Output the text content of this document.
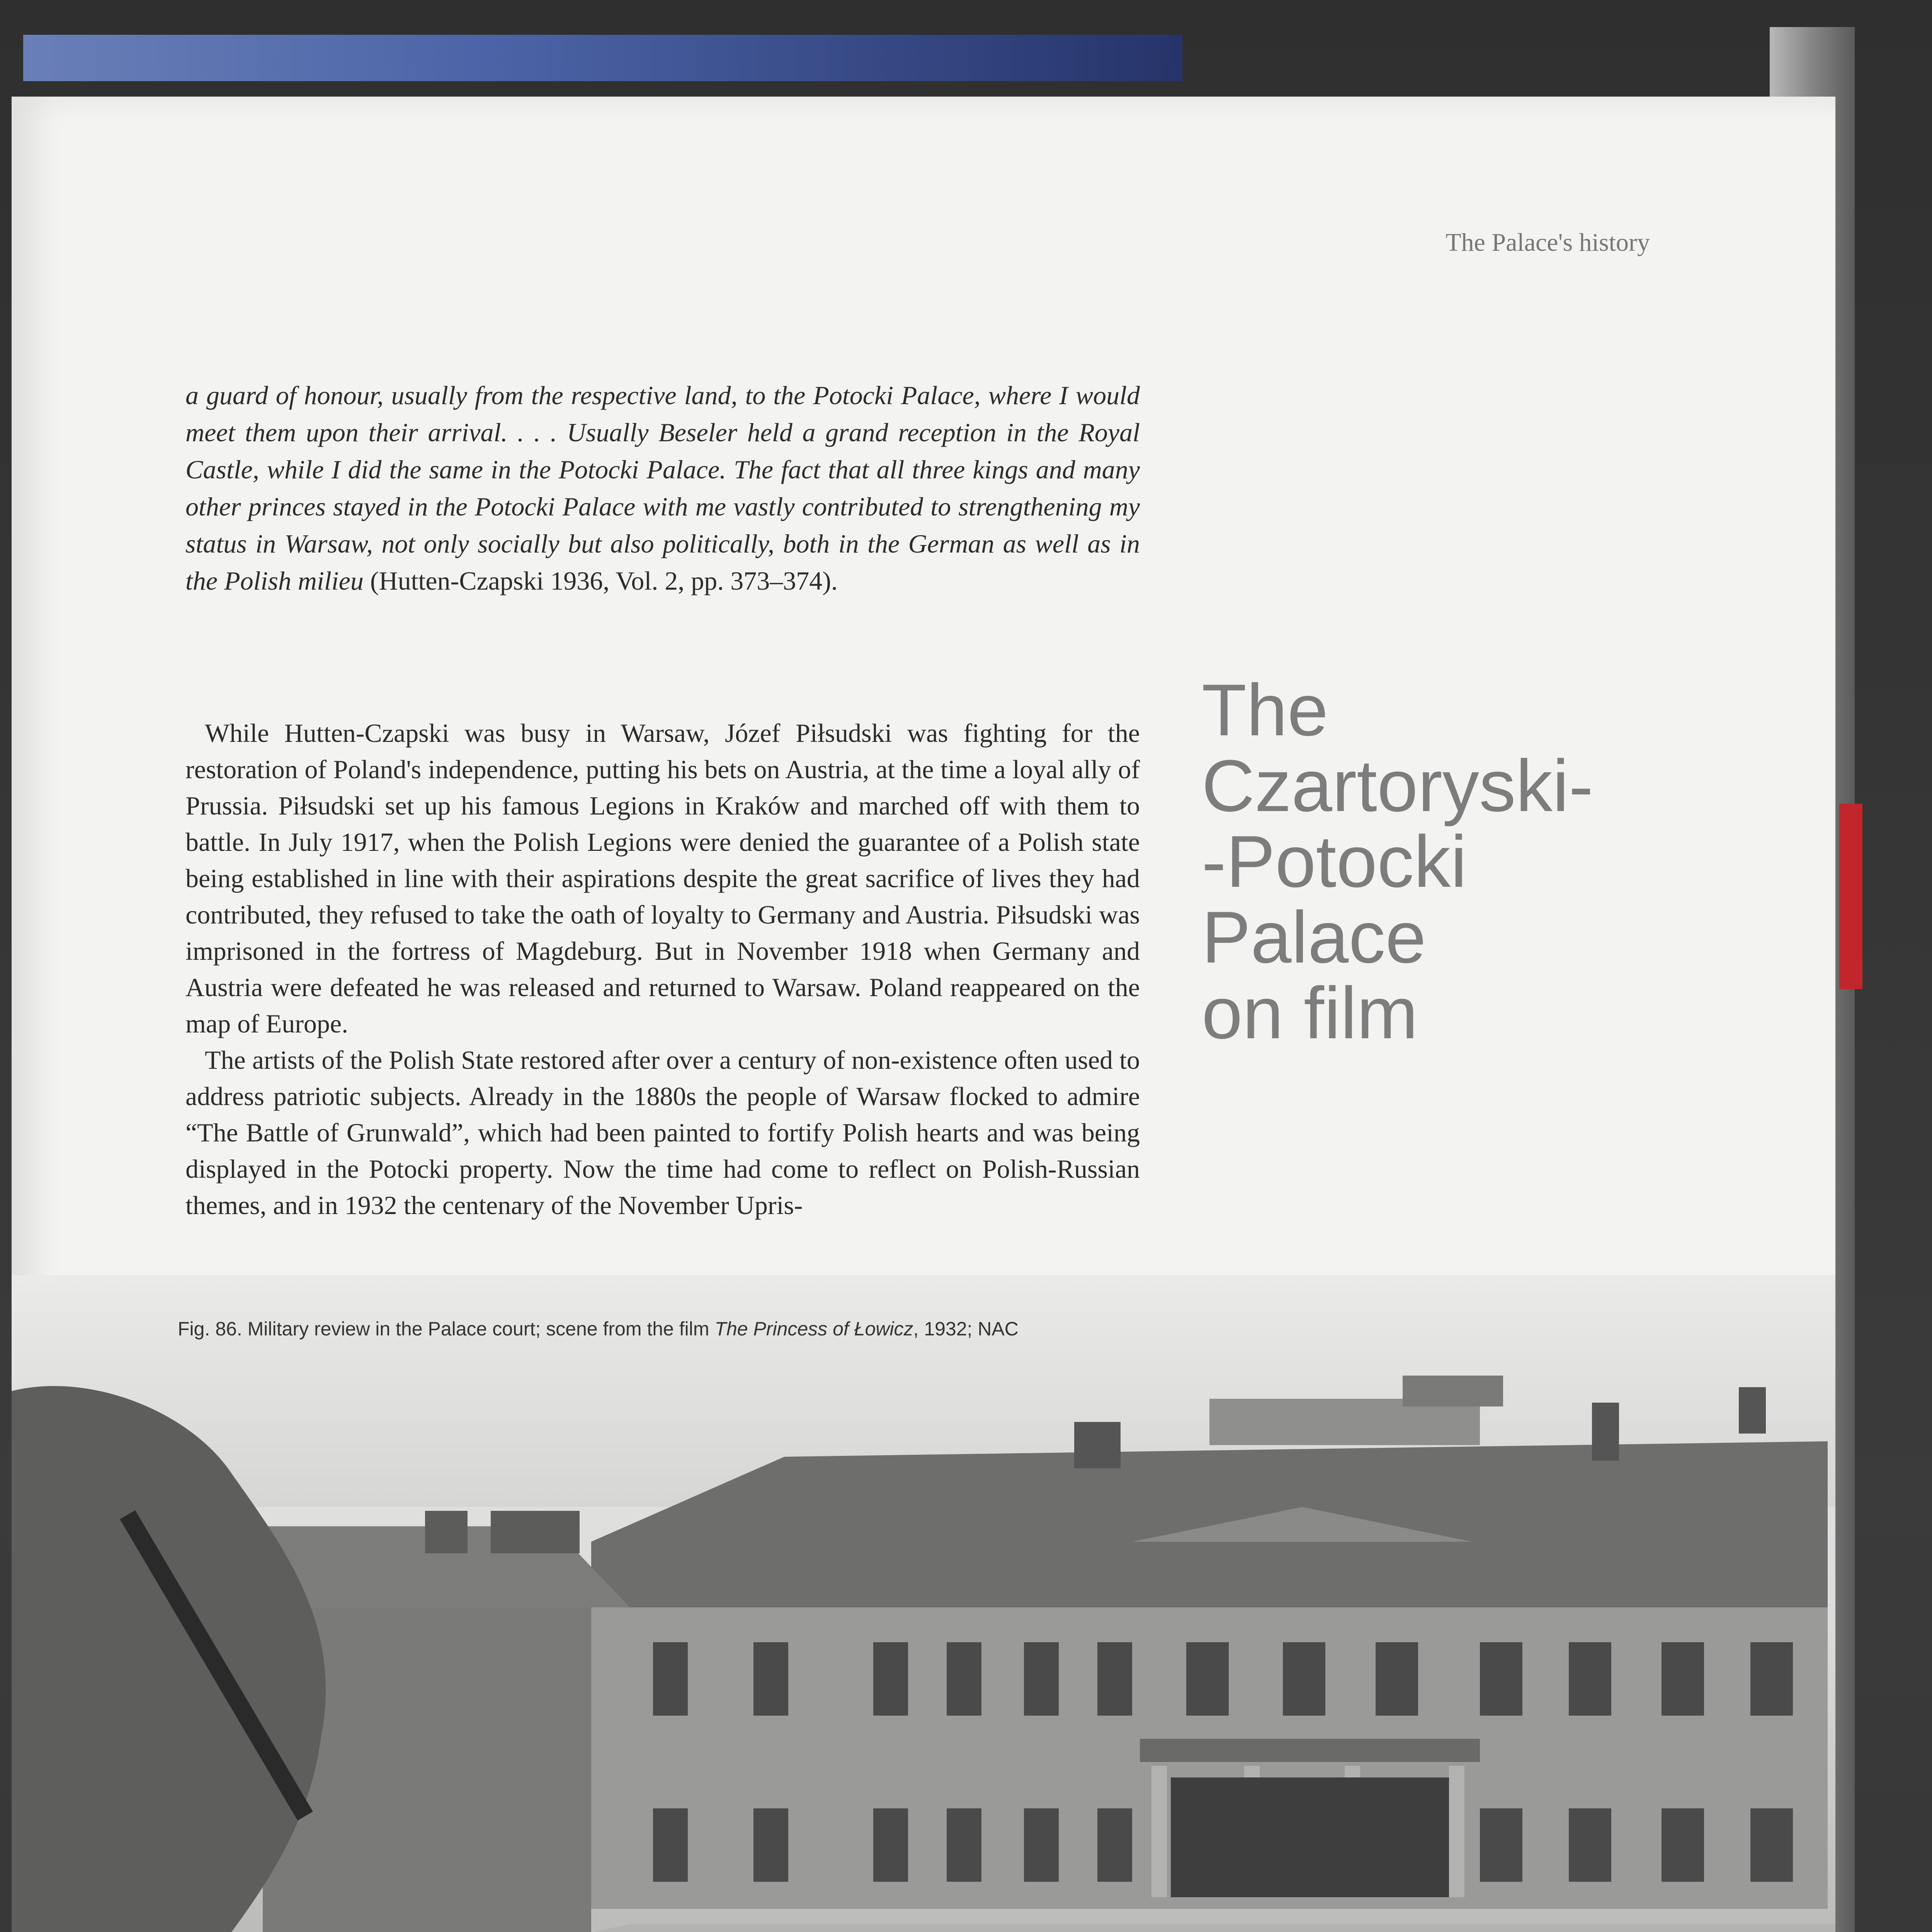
The Palace's history
a guard of honour, usually from the respective land, to the Potocki Palace, where I would meet them upon their arrival. . . . Usually Beseler held a grand reception in the Royal Castle, while I did the same in the Potocki Palace. The fact that all three kings and many other princes stayed in the Potocki Palace with me vastly contributed to strengthening my status in Warsaw, not only socially but also politically, both in the German as well as in the Polish milieu (Hutten-Czapski 1936, Vol. 2, pp. 373–374).

While Hutten-Czapski was busy in Warsaw, Józef Piłsudski was fighting for the restoration of Poland's independence, putting his bets on Austria, at the time a loyal ally of Prussia. Piłsudski set up his famous Legions in Kraków and marched off with them to battle. In July 1917, when the Polish Legions were denied the guarantee of a Polish state being established in line with their aspirations despite the great sacrifice of lives they had contributed, they refused to take the oath of loyalty to Germany and Austria. Piłsudski was imprisoned in the fortress of Magdeburg. But in November 1918 when Germany and Austria were defeated he was released and returned to Warsaw. Poland reappeared on the map of Europe.

The artists of the Polish State restored after over a century of non-existence often used to address patriotic subjects. Already in the 1880s the people of Warsaw flocked to admire “The Battle of Grunwald”, which had been painted to fortify Polish hearts and was being displayed in the Potocki property. Now the time had come to reflect on Polish-Russian themes, and in 1932 the centenary of the November Upris-

The
Czartoryski-
-Potocki
Palace
on film
Fig. 86. Military review in the Palace court; scene from the film The Princess of Łowicz, 1932; NAC
